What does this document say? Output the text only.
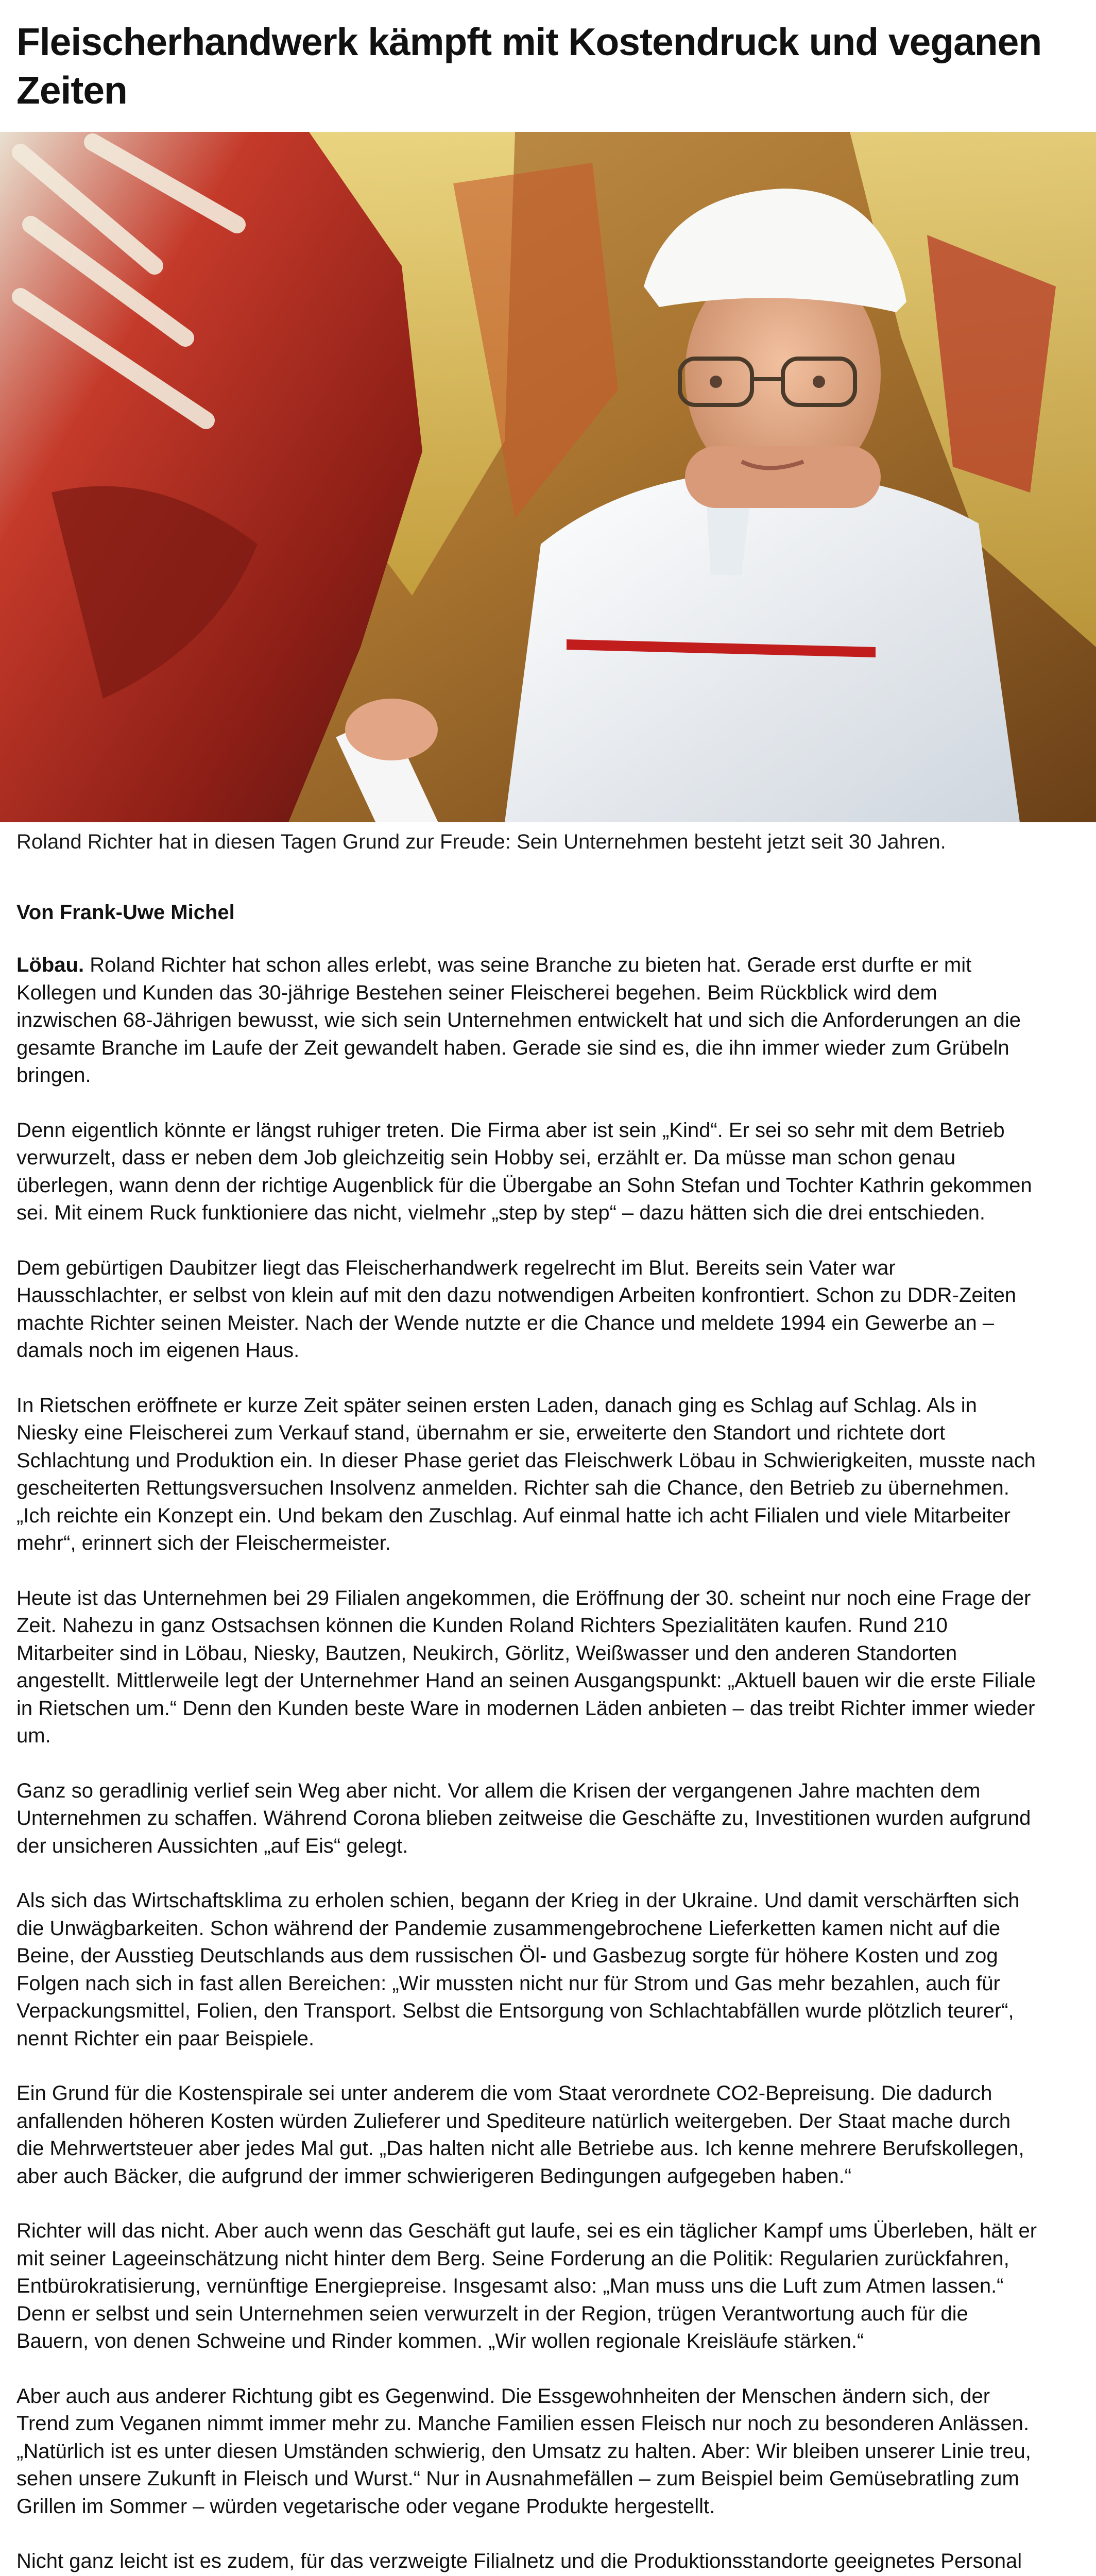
Fleischerhandwerk kämpft mit Kostendruck und veganen Zeiten
Roland Richter hat in diesen Tagen Grund zur Freude: Sein Unternehmen besteht jetzt seit 30 Jahren.
Von Frank-Uwe Michel

Löbau. Roland Richter hat schon alles erlebt, was seine Branche zu bieten hat. Gerade erst durfte er mit Kollegen und Kunden das 30-jährige Bestehen seiner Fleischerei begehen. Beim Rückblick wird dem inzwischen 68-Jährigen bewusst, wie sich sein Unternehmen entwickelt hat und sich die Anforderungen an die gesamte Branche im Laufe der Zeit gewandelt haben. Gerade sie sind es, die ihn immer wieder zum Grübeln bringen.

Denn eigentlich könnte er längst ruhiger treten. Die Firma aber ist sein „Kind“. Er sei so sehr mit dem Betrieb verwurzelt, dass er neben dem Job gleichzeitig sein Hobby sei, erzählt er. Da müsse man schon genau überlegen, wann denn der richtige Augenblick für die Übergabe an Sohn Stefan und Tochter Kathrin gekommen sei. Mit einem Ruck funktioniere das nicht, vielmehr „step by step“ – dazu hätten sich die drei entschieden.

Dem gebürtigen Daubitzer liegt das Fleischerhandwerk regelrecht im Blut. Bereits sein Vater war Hausschlachter, er selbst von klein auf mit den dazu notwendigen Arbeiten konfrontiert. Schon zu DDR-Zeiten machte Richter seinen Meister. Nach der Wende nutzte er die Chance und meldete 1994 ein Gewerbe an – damals noch im eigenen Haus.

In Rietschen eröffnete er kurze Zeit später seinen ersten Laden, danach ging es Schlag auf Schlag. Als in Niesky eine Fleischerei zum Verkauf stand, übernahm er sie, erweiterte den Standort und richtete dort Schlachtung und Produktion ein. In dieser Phase geriet das Fleischwerk Löbau in Schwierigkeiten, musste nach gescheiterten Rettungsversuchen Insolvenz anmelden. Richter sah die Chance, den Betrieb zu übernehmen. „Ich reichte ein Konzept ein. Und bekam den Zuschlag. Auf einmal hatte ich acht Filialen und viele Mitarbeiter mehr“, erinnert sich der Fleischermeister.

Heute ist das Unternehmen bei 29 Filialen angekommen, die Eröffnung der 30. scheint nur noch eine Frage der Zeit. Nahezu in ganz Ostsachsen können die Kunden Roland Richters Spezialitäten kaufen. Rund 210 Mitarbeiter sind in Löbau, Niesky, Bautzen, Neukirch, Görlitz, Weißwasser und den anderen Standorten angestellt. Mittlerweile legt der Unternehmer Hand an seinen Ausgangspunkt: „Aktuell bauen wir die erste Filiale in Rietschen um.“ Denn den Kunden beste Ware in modernen Läden anbieten – das treibt Richter immer wieder um.

Ganz so geradlinig verlief sein Weg aber nicht. Vor allem die Krisen der vergangenen Jahre machten dem Unternehmen zu schaffen. Während Corona blieben zeitweise die Geschäfte zu, Investitionen wurden aufgrund der unsicheren Aussichten „auf Eis“ gelegt.

Als sich das Wirtschaftsklima zu erholen schien, begann der Krieg in der Ukraine. Und damit verschärften sich die Unwägbarkeiten. Schon während der Pandemie zusammengebrochene Lieferketten kamen nicht auf die Beine, der Ausstieg Deutschlands aus dem russischen Öl- und Gasbezug sorgte für höhere Kosten und zog Folgen nach sich in fast allen Bereichen: „Wir mussten nicht nur für Strom und Gas mehr bezahlen, auch für Verpackungsmittel, Folien, den Transport. Selbst die Entsorgung von Schlachtabfällen wurde plötzlich teurer“, nennt Richter ein paar Beispiele.

Ein Grund für die Kostenspirale sei unter anderem die vom Staat verordnete CO2-Bepreisung. Die dadurch anfallenden höheren Kosten würden Zulieferer und Spediteure natürlich weitergeben. Der Staat mache durch die Mehrwertsteuer aber jedes Mal gut. „Das halten nicht alle Betriebe aus. Ich kenne mehrere Berufskollegen, aber auch Bäcker, die aufgrund der immer schwierigeren Bedingungen aufgegeben haben.“

Richter will das nicht. Aber auch wenn das Geschäft gut laufe, sei es ein täglicher Kampf ums Überleben, hält er mit seiner Lageeinschätzung nicht hinter dem Berg. Seine Forderung an die Politik: Regularien zurückfahren, Entbürokratisierung, vernünftige Energiepreise. Insgesamt also: „Man muss uns die Luft zum Atmen lassen.“ Denn er selbst und sein Unternehmen seien verwurzelt in der Region, trügen Verantwortung auch für die Bauern, von denen Schweine und Rinder kommen. „Wir wollen regionale Kreisläufe stärken.“

Aber auch aus anderer Richtung gibt es Gegenwind. Die Essgewohnheiten der Menschen ändern sich, der Trend zum Veganen nimmt immer mehr zu. Manche Familien essen Fleisch nur noch zu besonderen Anlässen. „Natürlich ist es unter diesen Umständen schwierig, den Umsatz zu halten. Aber: Wir bleiben unserer Linie treu, sehen unsere Zukunft in Fleisch und Wurst.“ Nur in Ausnahmefällen – zum Beispiel beim Gemüsebratling zum Grillen im Sommer – würden vegetarische oder vegane Produkte hergestellt.

Nicht ganz leicht ist es zudem, für das verzweigte Filialnetz und die Produktionsstandorte geeignetes Personal
